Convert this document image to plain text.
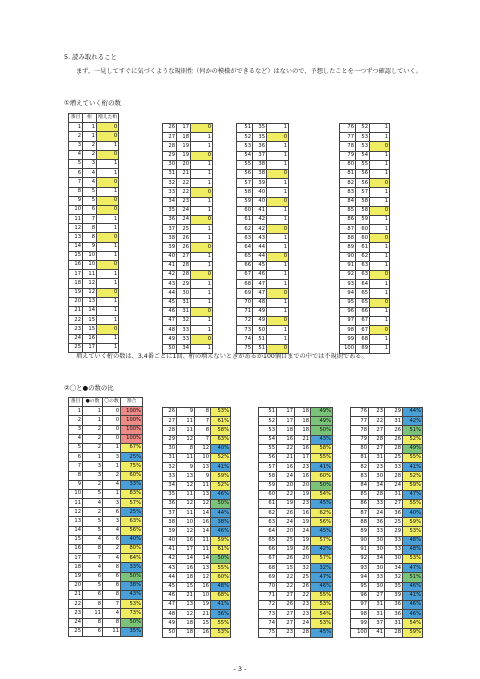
5. 読み取れること
まず、一見してすぐに気づくような規則性（何かの模様ができるなど）はないので、予想したことを一つずつ確認していく。
①増えていく桁の数
番目	桁	増えた桁
1	1	0
2	1	0
3	2	1
4	2	0
5	3	1
6	4	1
7	4	0
8	5	1
9	5	0
10	6	0
11	7	1
12	8	1
13	8	0
14	9	1
15	10	1
16	10	0
17	11	1
18	12	1
19	12	0
20	13	1
21	14	1
22	15	1
23	15	0
24	16	1
25	17	1
26	17	0
27	18	1
28	19	1
29	19	0
30	20	1
31	21	1
32	22	1
33	22	0
34	23	1
35	24	1
36	24	0
37	25	1
38	26	1
39	26	0
40	27	1
41	28	1
42	28	0
43	29	1
44	30	1
45	31	1
46	31	0
47	32	1
48	33	1
49	33	0
50	34	1
51	35	1
52	35	0
53	36	1
54	37	1
55	38	1
56	38	0
57	39	1
58	40	1
59	40	0
60	41	1
61	42	1
62	42	0
63	43	1
64	44	1
65	44	0
66	45	1
67	46	1
68	47	1
69	47	0
70	48	1
71	49	1
72	49	0
73	50	1
74	51	1
75	51	0
76	52	1
77	53	1
78	53	0
79	54	1
80	55	1
81	56	1
82	56	0
83	57	1
84	58	1
85	58	0
86	59	1
87	60	1
88	60	0
89	61	1
90	62	1
91	63	1
92	63	0
93	64	1
94	65	1
95	65	0
96	66	1
97	67	1
98	67	0
99	68	1
100	69	1
増えていく桁の数は、3,4番ごとに1回、桁の増えないときがあるが100個目までの中では不規則である。
②〇と●の数の比
番目	●の数	〇の数	割合
1	1	0	100%
2	1	0	100%
3	2	0	100%
4	2	0	100%
5	2	1	67%
6	1	3	25%
7	3	1	75%
8	3	2	60%
9	2	4	33%
10	5	1	83%
11	4	3	57%
12	2	6	25%
13	5	3	63%
14	5	4	56%
15	4	6	40%
16	8	2	80%
17	7	4	64%
18	4	8	33%
19	6	6	50%
20	5	8	38%
21	6	8	43%
22	8	7	53%
23	11	4	73%
24	8	8	50%
25	6	11	35%
26	9	8	53%
27	11	7	61%
28	11	8	58%
29	12	7	63%
30	8	12	40%
31	11	10	52%
32	9	13	41%
33	13	9	59%
34	12	11	52%
35	11	13	46%
36	12	12	50%
37	11	14	44%
38	10	16	38%
39	12	14	46%
40	16	11	59%
41	17	11	61%
42	14	14	50%
43	16	13	55%
44	18	12	60%
45	15	16	48%
46	21	10	68%
47	13	19	41%
48	12	21	36%
49	18	15	55%
50	18	16	53%
51	17	18	49%
52	17	18	49%
53	18	18	50%
54	16	21	43%
55	22	16	58%
56	21	17	55%
57	16	23	41%
58	24	16	60%
59	20	20	50%
60	22	19	54%
61	19	23	45%
62	26	16	62%
63	24	19	56%
64	20	24	45%
65	25	19	57%
66	19	26	42%
67	26	20	57%
68	15	32	32%
69	22	25	47%
70	22	26	46%
71	27	22	55%
72	26	23	53%
73	27	23	54%
74	27	24	53%
75	23	28	45%
76	23	29	44%
77	22	31	42%
78	27	26	51%
79	28	26	52%
80	27	28	49%
81	31	25	55%
82	23	33	41%
83	30	28	52%
84	34	24	59%
85	28	31	47%
86	33	27	55%
87	24	36	40%
88	36	25	59%
89	33	29	53%
90	30	33	48%
91	30	33	48%
92	34	30	53%
93	30	34	47%
94	33	32	51%
95	30	35	46%
96	27	39	41%
97	31	36	46%
98	31	36	46%
99	37	31	54%
100	41	28	59%
- 3 -
